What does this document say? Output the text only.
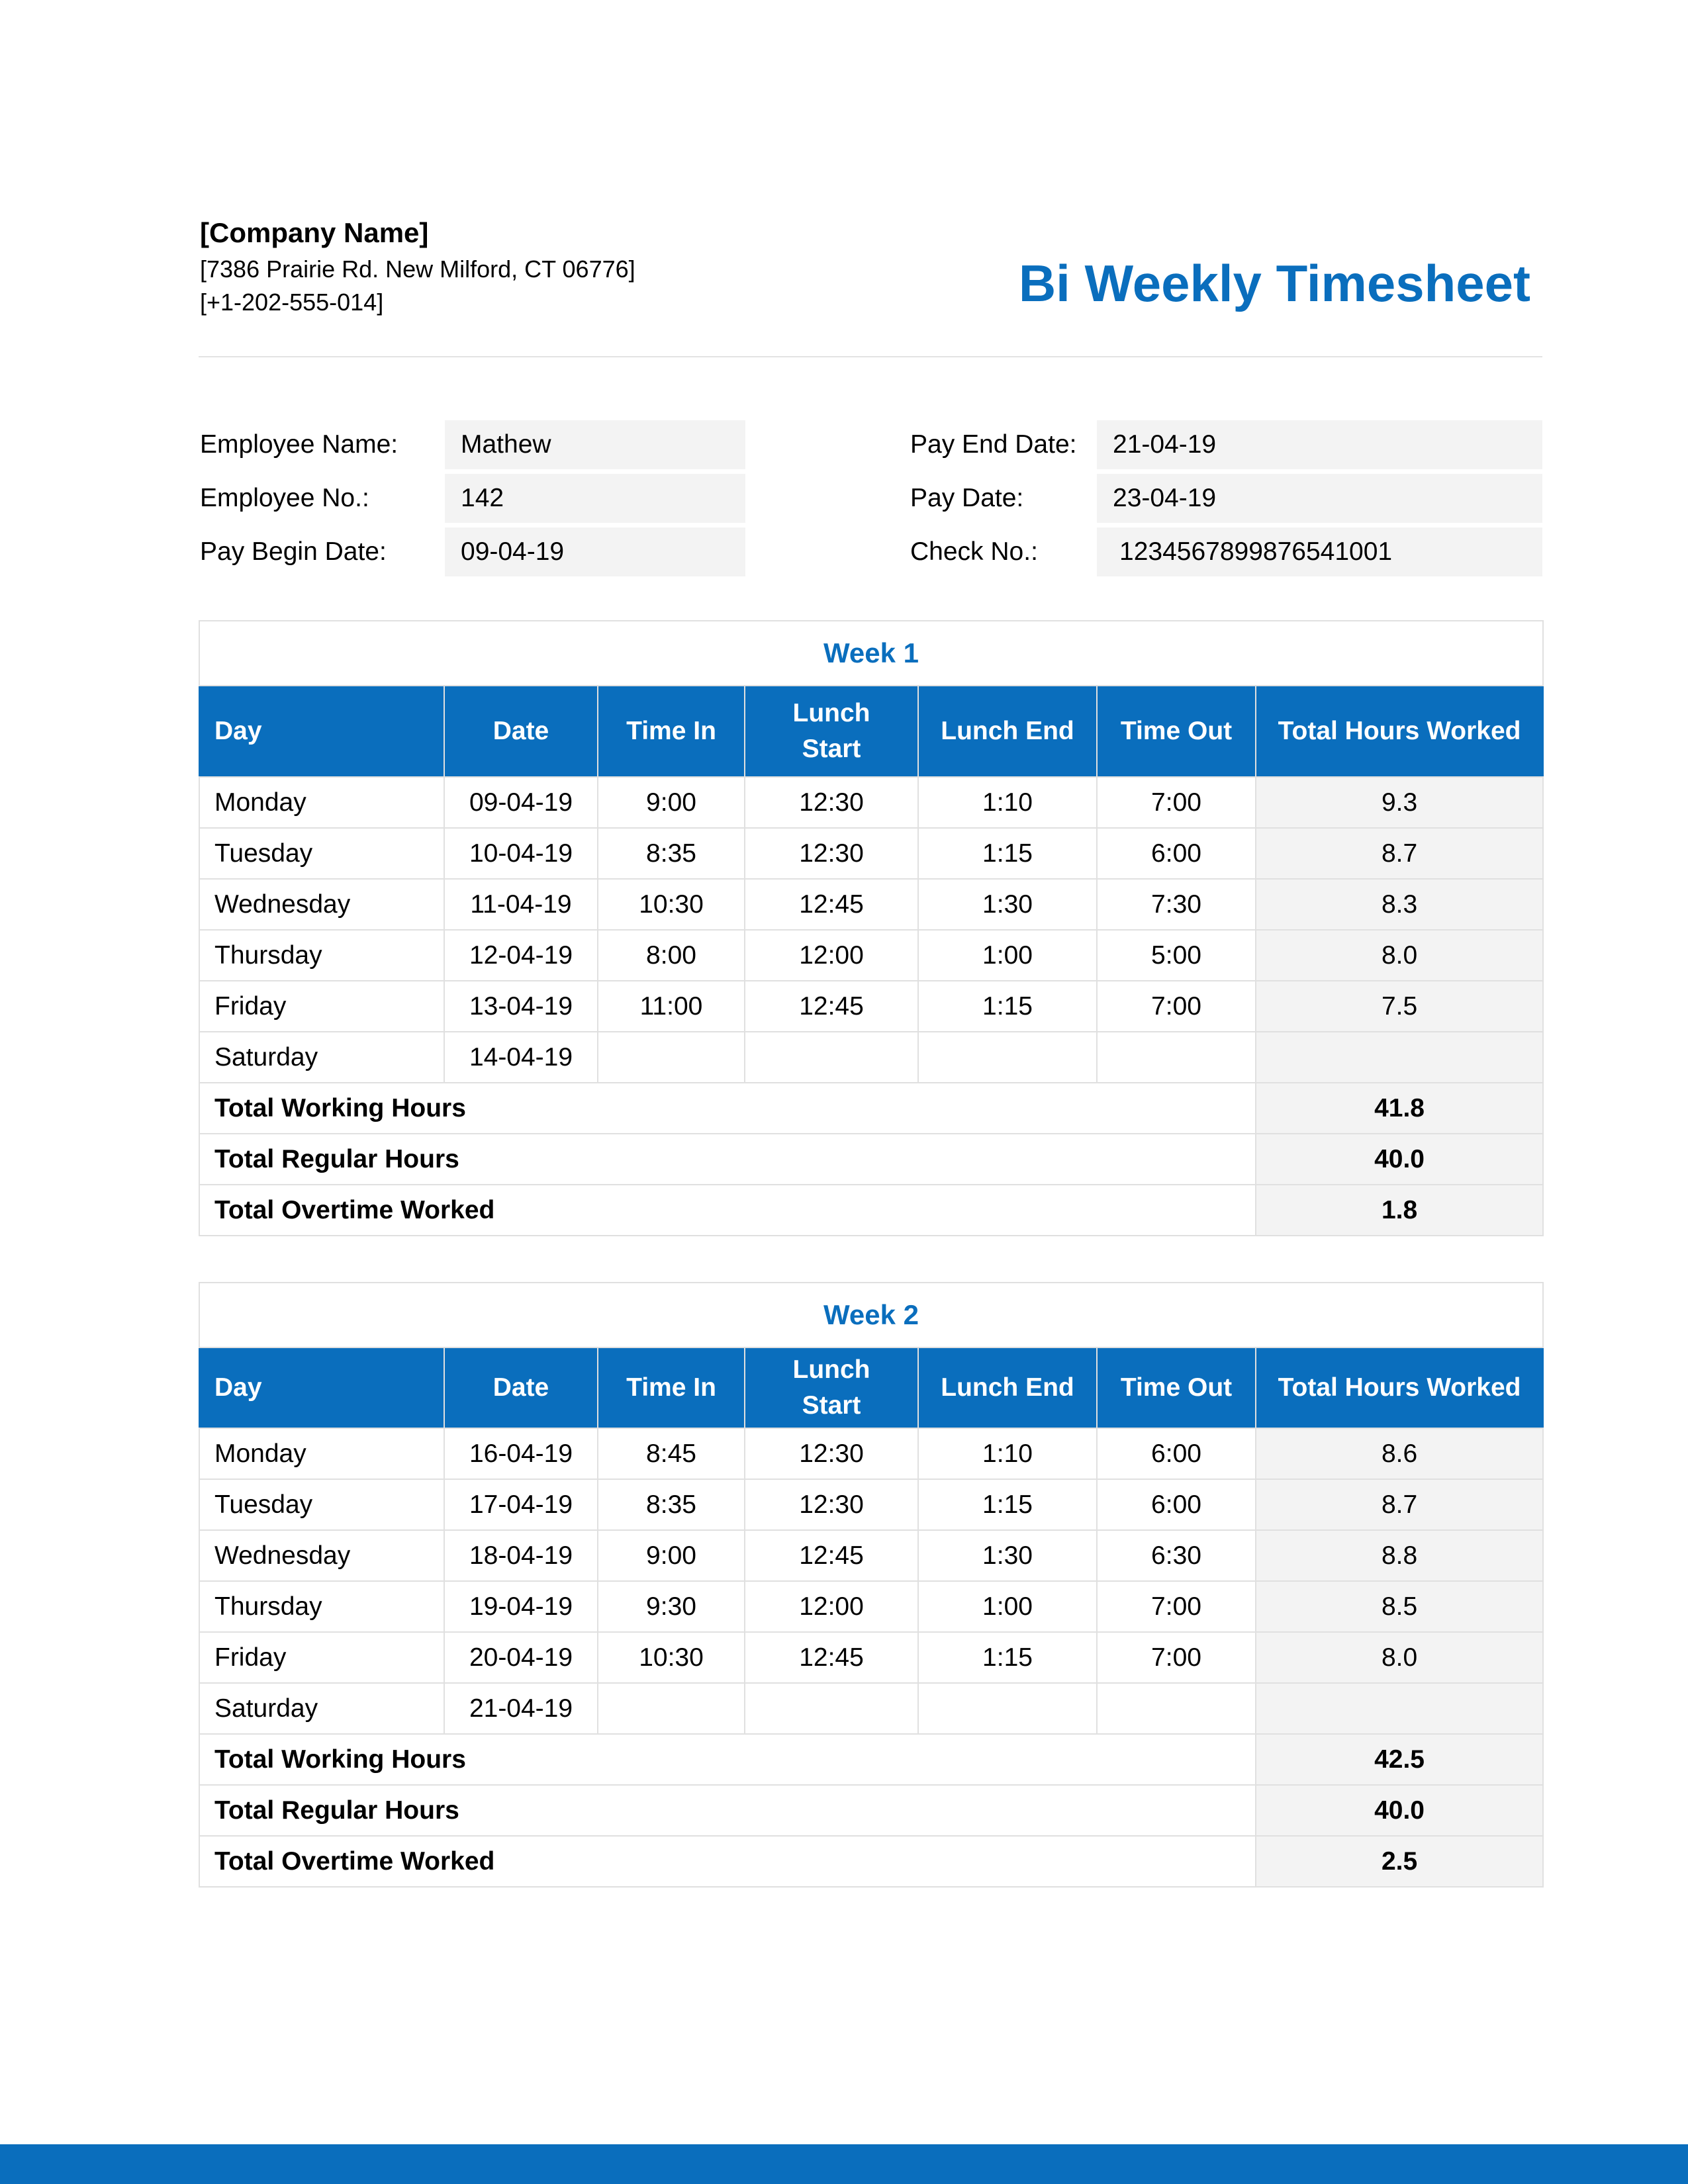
[Company Name]
[7386 Prairie Rd. New Milford, CT 06776]
[+1-202-555-014]	Bi Weekly Timesheet
Employee Name:	Mathew
Employee No.:	142
Pay Begin Date:	09-04-19
Pay End Date:	21-04-19
Pay Date:	23-04-19
Check No.:	1234567899876541001
Week 1						
Day	Date	Time In	Lunch Start	Lunch End	Time Out	Total Hours Worked
Monday	09-04-19	9:00	12:30	1:10	7:00	9.3
Tuesday	10-04-19	8:35	12:30	1:15	6:00	8.7
Wednesday	11-04-19	10:30	12:45	1:30	7:30	8.3
Thursday	12-04-19	8:00	12:00	1:00	5:00	8.0
Friday	13-04-19	11:00	12:45	1:15	7:00	7.5
Saturday	14-04-19					
Total Working Hours						41.8
Total Regular Hours						40.0
Total Overtime Worked						1.8
Week 2						
Day	Date	Time In	Lunch Start	Lunch End	Time Out	Total Hours Worked
Monday	16-04-19	8:45	12:30	1:10	6:00	8.6
Tuesday	17-04-19	8:35	12:30	1:15	6:00	8.7
Wednesday	18-04-19	9:00	12:45	1:30	6:30	8.8
Thursday	19-04-19	9:30	12:00	1:00	7:00	8.5
Friday	20-04-19	10:30	12:45	1:15	7:00	8.0
Saturday	21-04-19					
Total Working Hours						42.5
Total Regular Hours						40.0
Total Overtime Worked						2.5
